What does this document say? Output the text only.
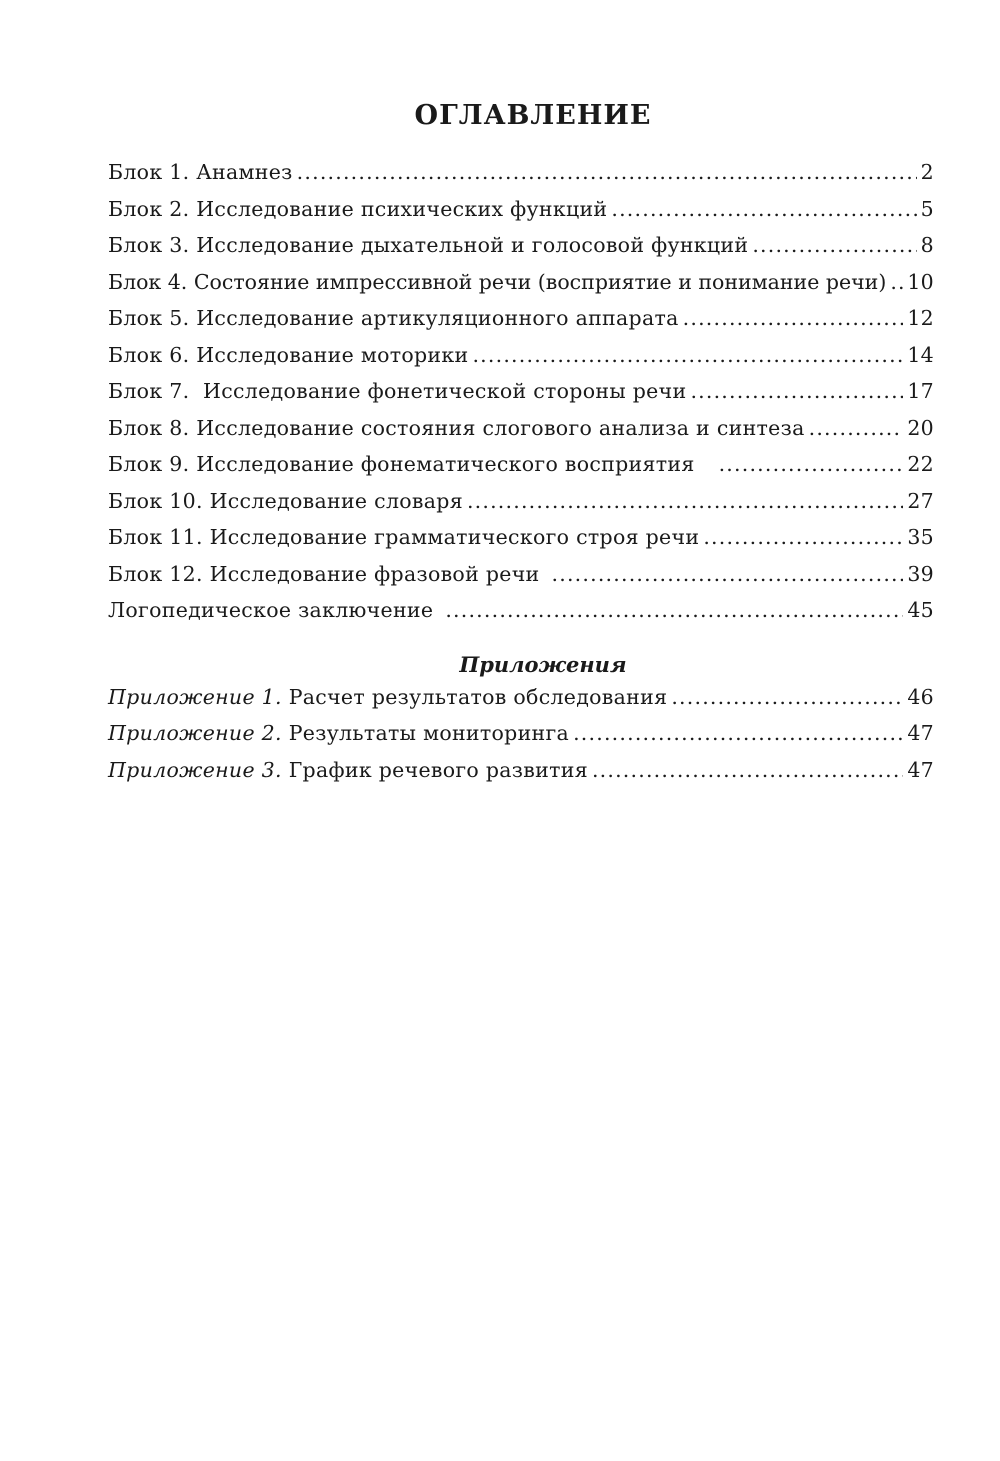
ОГЛАВЛЕНИЕ
Блок 1. Анамнез .....	2
Блок 2. Исследование психических функций .....	5
Блок 3. Исследование дыхательной и голосовой функций .....	8
Блок 4. Состояние импрессивной речи (восприятие и понимание речи) ..... 10
Блок 5. Исследование артикуляционного аппарата .....	12
Блок 6. Исследование моторики .....	14
Блок 7.  Исследование фонетической стороны речи .....	17
Блок 8. Исследование состояния слогового анализа и синтеза .....	20
Блок 9. Исследование фонематического восприятия .....	22
Блок 10. Исследование словаря .....	27
Блок 11. Исследование грамматического строя речи .....	35
Блок 12. Исследование фразовой речи .....	39
Логопедическое заключение .....	45
Приложения
Приложение 1. Расчет результатов обследования .....	46
Приложение 2. Результаты мониторинга .....	47
Приложение 3. График речевого развития .....	47
